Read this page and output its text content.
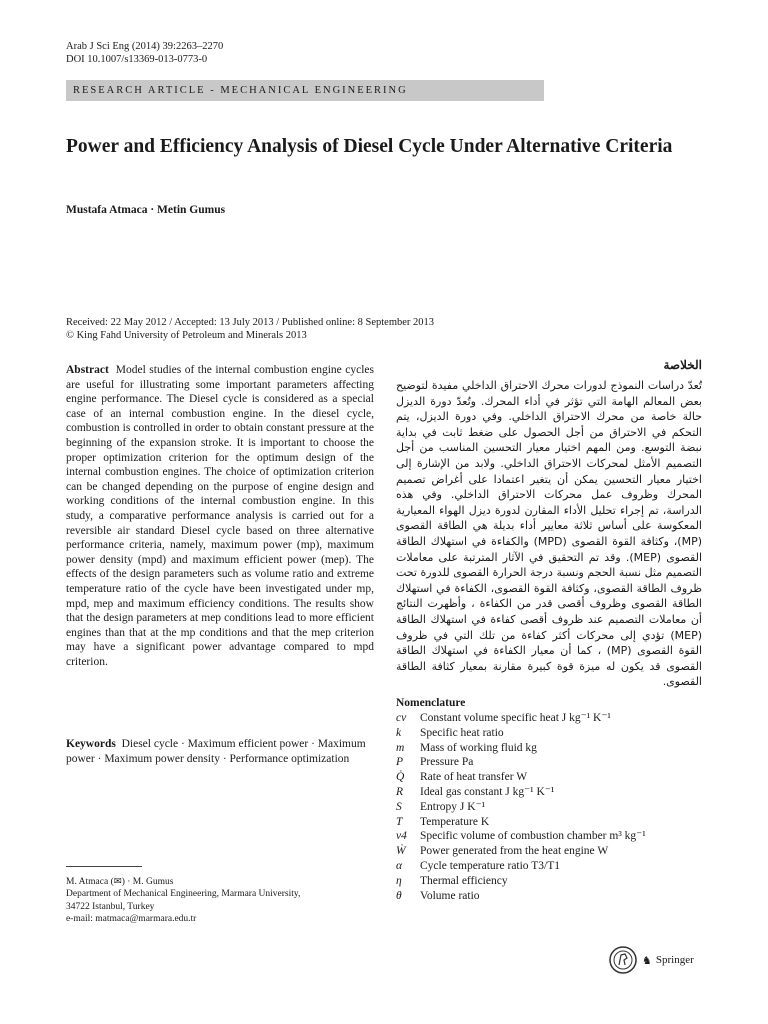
Arab J Sci Eng (2014) 39:2263–2270
DOI 10.1007/s13369-013-0773-0
RESEARCH ARTICLE - MECHANICAL ENGINEERING
Power and Efficiency Analysis of Diesel Cycle Under Alternative Criteria
Mustafa Atmaca · Metin Gumus
Received: 22 May 2012 / Accepted: 13 July 2013 / Published online: 8 September 2013
© King Fahd University of Petroleum and Minerals 2013
Abstract Model studies of the internal combustion engine cycles are useful for illustrating some important parameters affecting engine performance. The Diesel cycle is considered as a special case of an internal combustion engine. In the diesel cycle, combustion is controlled in order to obtain constant pressure at the beginning of the expansion stroke. It is important to choose the proper optimization criterion for the optimum design of the internal combustion engines. The choice of optimization criterion can be changed depending on the purpose of engine design and working conditions of the internal combustion engine. In this study, a comparative performance analysis is carried out for a reversible air standard Diesel cycle based on three alternative performance criteria, namely, maximum power (mp), maximum power density (mpd) and maximum efficient power (mep). The effects of the design parameters such as volume ratio and extreme temperature ratio of the cycle have been investigated under mp, mpd, mep and maximum efficiency conditions. The results show that the design parameters at mep conditions lead to more efficient engines than that at the mp conditions and that the mep criterion may have a significant power advantage compared to mpd criterion.
Keywords Diesel cycle · Maximum efficient power · Maximum power · Maximum power density · Performance optimization
M. Atmaca (✉) · M. Gumus
Department of Mechanical Engineering, Marmara University,
34722 Istanbul, Turkey
e-mail: matmaca@marmara.edu.tr
الخلاصة
تُعدّ دراسات النموذج لدورات محرك الاحتراق الداخلي مفيدة لتوضيح بعض المعالم الهامة التي تؤثر في أداء المحرك. وتُعدّ دورة الديزل حالة خاصة من محرك الاحتراق الداخلي. وفي دورة الديزل، يتم التحكم في الاحتراق من أجل الحصول على ضغط ثابت في بداية نبضة التوسع. ومن المهم اختيار معيار التحسين المناسب من أجل التصميم الأمثل لمحركات الاحتراق الداخلي. ولابد من الإشارة إلى اختيار معيار التحسين يمكن أن يتغير اعتمادا على أغراض تصميم المحرك وظروف عمل محركات الاحتراق الداخلي. وفي هذه الدراسة، تم إجراء تحليل الأداء المقارن لدورة ديزل الهواء المعيارية المعكوسة على أساس ثلاثة معايير أداء بديلة هي الطاقة القصوى (MP)، وكثافة القوة القصوى (MPD) والكفاءة في استهلاك الطاقة القصوى (MEP). وقد تم التحقيق في الآثار المترتبة على معاملات التصميم مثل نسبة الحجم ونسبة درجة الحرارة القصوى للدورة تحت ظروف الطاقة القصوى، وكثافة القوة القصوى، الكفاءة في استهلاك الطاقة القصوى وظروف أقصى قدر من الكفاءة ، وأظهرت النتائج أن معاملات التصميم عند ظروف أقصى كفاءة في استهلاك الطاقة (MEP) تؤدي إلى محركات أكثر كفاءة من تلك التي في ظروف القوة القصوى (MP) ، كما أن معيار الكفاءة في استهلاك الطاقة القصوى قد يكون له ميزة قوة كبيرة مقارنة بمعيار كثافة الطاقة القصوى.
Nomenclature
cv	Constant volume specific heat J kg⁻¹ K⁻¹
k	Specific heat ratio
m	Mass of working fluid kg
P	Pressure Pa
Q̇	Rate of heat transfer W
R	Ideal gas constant J kg⁻¹ K⁻¹
S	Entropy J K⁻¹
T	Temperature K
v4	Specific volume of combustion chamber m³ kg⁻¹
Ẇ	Power generated from the heat engine W
α	Cycle temperature ratio T3/T1
η	Thermal efficiency
θ	Volume ratio
♞ Springer
